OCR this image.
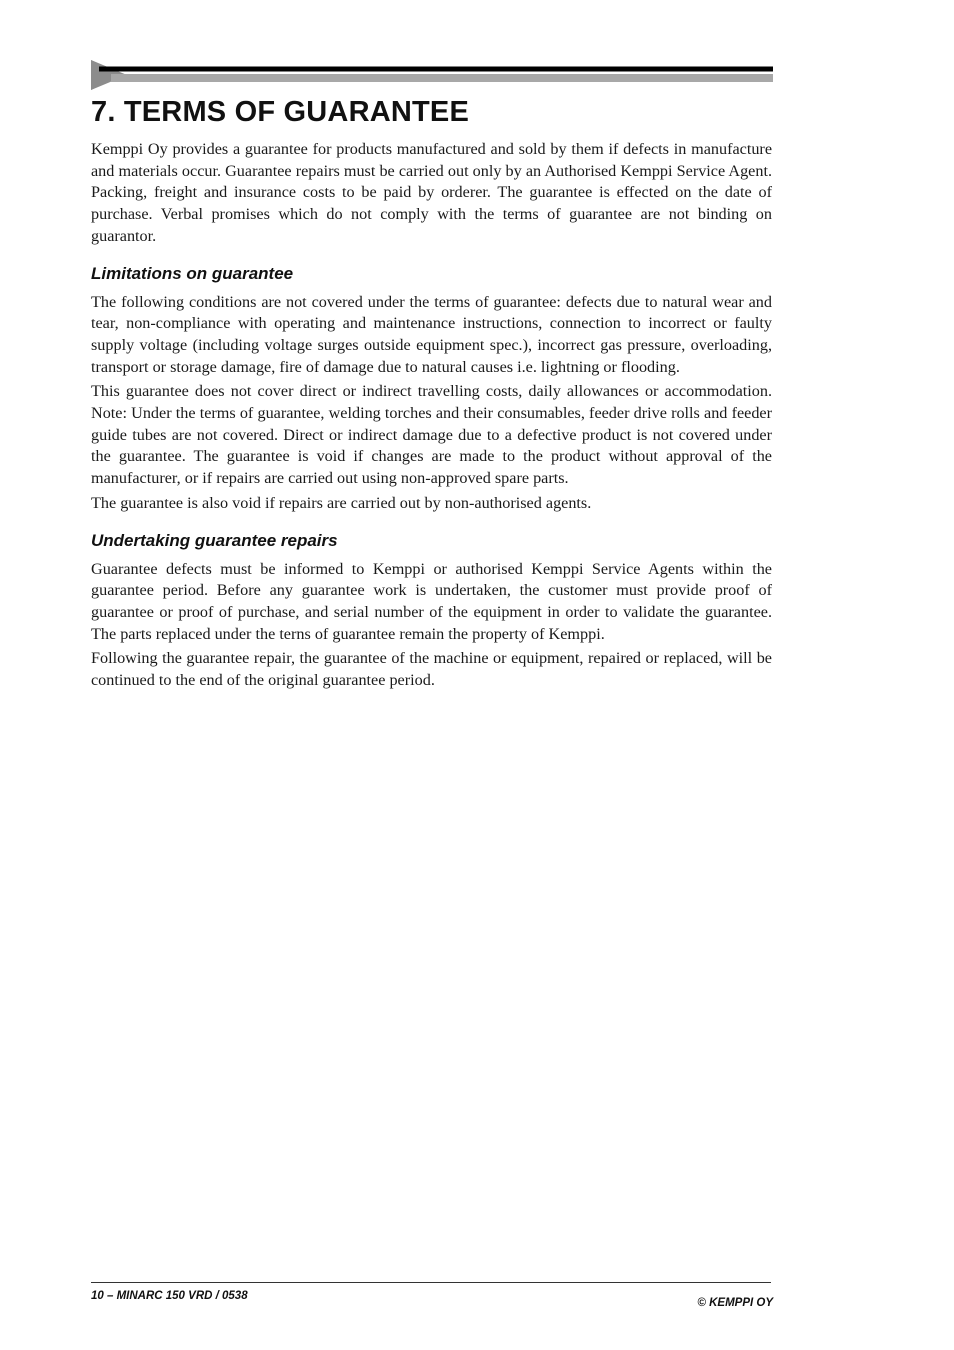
7. TERMS OF GUARANTEE

Kemppi Oy provides a guarantee for products manufactured and sold by them if defects in manufacture and materials occur. Guarantee repairs must be carried out only by an Authorised Kemppi Service Agent. Packing, freight and insurance costs to be paid by orderer. The guarantee is effected on the date of purchase. Verbal promises which do not comply with the terms of guarantee are not binding on guarantor.

Limitations on guarantee

The following conditions are not covered under the terms of guarantee: defects due to natural wear and tear, non-compliance with operating and maintenance instructions, connection to incorrect or faulty supply voltage (including voltage surges outside equipment spec.), incorrect gas pressure, overloading, transport or storage damage, fire of damage due to natural causes i.e. lightning or flooding.

This guarantee does not cover direct or indirect travelling costs, daily allowances or accommodation. Note: Under the terms of guarantee, welding torches and their consumables, feeder drive rolls and feeder guide tubes are not covered. Direct or indirect damage due to a defective product is not covered under the guarantee. The guarantee is void if changes are made to the product without approval of the manufacturer, or if repairs are carried out using non-approved spare parts.

The guarantee is also void if repairs are carried out by non-authorised agents.

Undertaking guarantee repairs

Guarantee defects must be informed to Kemppi or authorised Kemppi Service Agents within the guarantee period. Before any guarantee work is undertaken, the customer must provide proof of guarantee or proof of purchase, and serial number of the equipment in order to validate the guarantee. The parts replaced under the terns of guarantee remain the property of Kemppi.

Following the guarantee repair, the guarantee of the machine or equipment, repaired or replaced, will be continued to the end of the original guarantee period.

10 – MINARC 150 VRD / 0538
© KEMPPI OY
